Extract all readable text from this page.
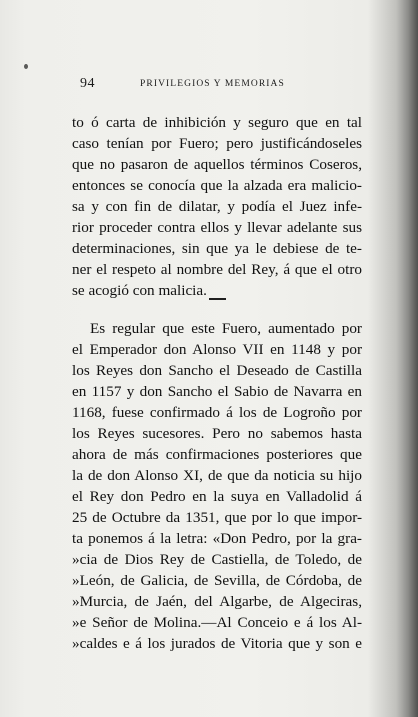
94	PRIVILEGIOS Y MEMORIAS
to ó carta de inhibición y seguro que en tal
caso tenían por Fuero; pero justificándoseles
que no pasaron de aquellos términos Coseros,
entonces se conocía que la alzada era malicio-
sa y con fin de dilatar, y podía el Juez infe-
rior proceder contra ellos y llevar adelante sus
determinaciones, sin que ya le debiese de te-
ner el respeto al nombre del Rey, á que el otro
se acogió con malicia.
Es regular que este Fuero, aumentado por
el Emperador don Alonso VII en 1148 y por
los Reyes don Sancho el Deseado de Castilla
en 1157 y don Sancho el Sabio de Navarra en
1168, fuese confirmado á los de Logroño por
los Reyes sucesores. Pero no sabemos hasta
ahora de más confirmaciones posteriores que
la de don Alonso XI, de que da noticia su hijo
el Rey don Pedro en la suya en Valladolid á
25 de Octubre da 1351, que por lo que impor-
ta ponemos á la letra: «Don Pedro, por la gra-
»cia de Dios Rey de Castiella, de Toledo, de
»León, de Galicia, de Sevilla, de Córdoba, de
»Murcia, de Jaén, del Algarbe, de Algeciras,
»e Señor de Molina.—Al Conceio e á los Al-
»caldes e á los jurados de Vitoria que y son e
